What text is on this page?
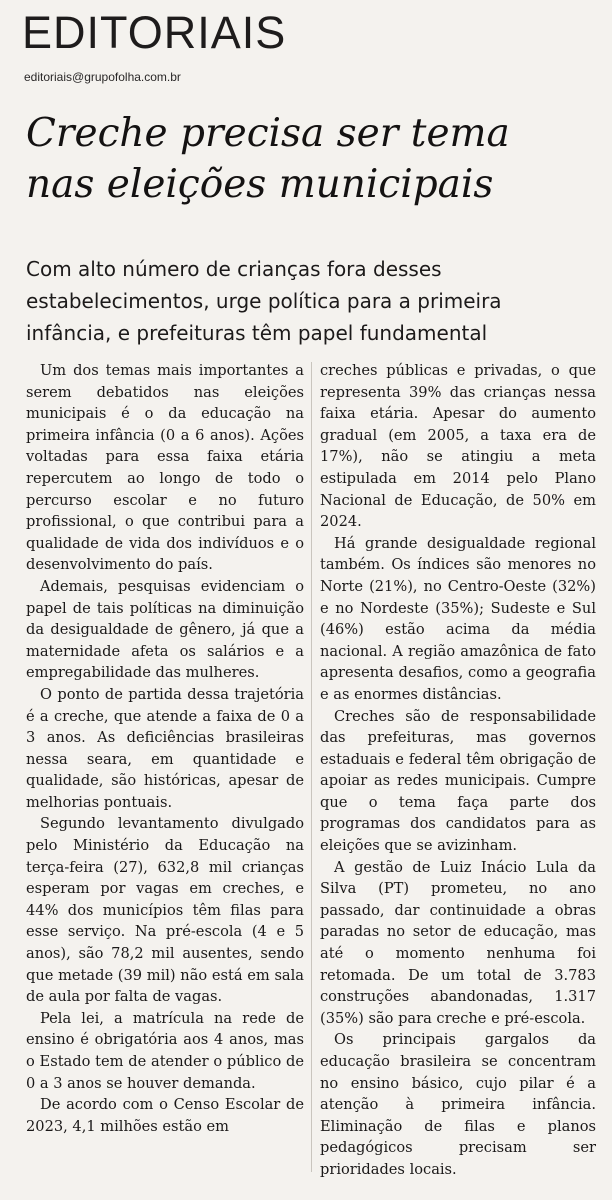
EDITORIAIS
editoriais@grupofolha.com.br
Creche precisa ser tema
nas eleições municipais
Com alto número de crianças fora desses
estabelecimentos, urge política para a primeira
infância, e prefeituras têm papel fundamental

Um dos temas mais importantes a serem debatidos nas eleições municipais é o da educação na primeira infância (0 a 6 anos). Ações voltadas para essa faixa etária repercutem ao longo de todo o percurso escolar e no futuro profissional, o que contribui para a qualidade de vida dos indivíduos e o desenvolvimento do país.

Ademais, pesquisas evidenciam o papel de tais políticas na diminuição da desigualdade de gênero, já que a maternidade afeta os salários e a empregabilidade das mulheres.

O ponto de partida dessa trajetória é a creche, que atende a faixa de 0 a 3 anos. As deficiências brasileiras nessa seara, em quantidade e qualidade, são históricas, apesar de melhorias pontuais.

Segundo levantamento divulgado pelo Ministério da Educação na terça-feira (27), 632,8 mil crianças esperam por vagas em creches, e 44% dos municípios têm filas para esse serviço. Na pré-escola (4 e 5 anos), são 78,2 mil ausentes, sendo que metade (39 mil) não está em sala de aula por falta de vagas.

Pela lei, a matrícula na rede de ensino é obrigatória aos 4 anos, mas o Estado tem de atender o público de 0 a 3 anos se houver demanda.

De acordo com o Censo Escolar de 2023, 4,1 milhões estão em

creches públicas e privadas, o que representa 39% das crianças nessa faixa etária. Apesar do aumento gradual (em 2005, a taxa era de 17%), não se atingiu a meta estipulada em 2014 pelo Plano Nacional de Educação, de 50% em 2024.

Há grande desigualdade regional também. Os índices são menores no Norte (21%), no Centro-Oeste (32%) e no Nordeste (35%); Sudeste e Sul (46%) estão acima da média nacional. A região amazônica de fato apresenta desafios, como a geografia e as enormes distâncias.

Creches são de responsabilidade das prefeituras, mas governos estaduais e federal têm obrigação de apoiar as redes municipais. Cumpre que o tema faça parte dos programas dos candidatos para as eleições que se avizinham.

A gestão de Luiz Inácio Lula da Silva (PT) prometeu, no ano passado, dar continuidade a obras paradas no setor de educação, mas até o momento nenhuma foi retomada. De um total de 3.783 construções abandonadas, 1.317 (35%) são para creche e pré-escola.

Os principais gargalos da educação brasileira se concentram no ensino básico, cujo pilar é a atenção à primeira infância. Eliminação de filas e planos pedagógicos precisam ser prioridades locais.
